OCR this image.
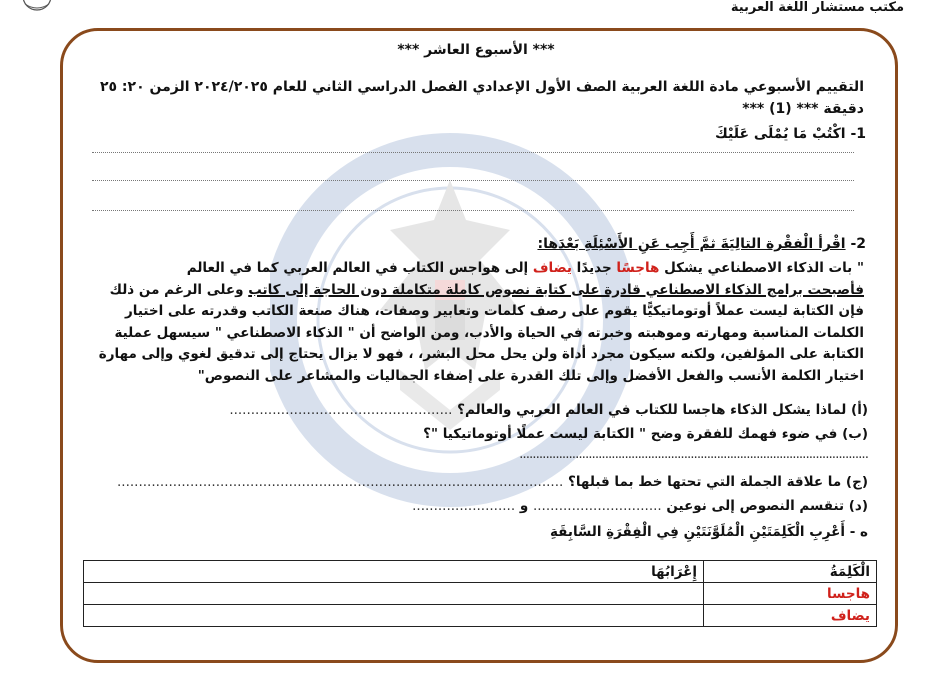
مكتب مستشار اللغة العربية
*** الأسبوع العاشر ***
التقييم الأسبوعي مادة اللغة العربية الصف الأول الإعدادي الفصل الدراسي الثاني للعام ٢٠٢٤/٢٠٢٥ الزمن ٢٠: ٢٥ دقيقة *** (1) ***
1- اكْتُبْ مَا يُمْلَى عَلَيْكَ
2- اقْرأ الْفقْرة التالِيَةَ ثمَّ أَجِب عَنِ الأَسْئِلَةِ بَعْدَها:
" بات الذكاء الاصطناعي يشكل هاجسًا جديدًا يضاف إلى هواجس الكتاب في العالم العربي كما في العالم
فأصبحت برامج الذكاء الاصطناعي قادرة على كتابة نصوص كاملة متكاملة دون الحاجة إلى كاتب وعلى الرغم من ذلك
فإن الكتابة ليست عملاً أوتوماتيكيًّا يقوم على رصف كلمات وتعابير وصفات، هناك صنعة الكاتب وقدرته على اختيار
الكلمات المناسبة ومهارته وموهبته وخبرته في الحياة والأدب، ومن الواضح أن " الذكاء الاصطناعي " سيسهل عملية
الكتابة على المؤلفين، ولكنه سيكون مجرد أداة ولن يحل محل البشر، ، فهو لا يزال يحتاج إلى تدقيق لغوي وإلى مهارة
اختيار الكلمة الأنسب والفعل الأفضل وإلى تلك القدرة على إضفاء الجماليات والمشاعر على النصوص"
(أ) لماذا يشكل الذكاء هاجسا للكتاب في العالم العربي والعالم؟ ....................................................
(ب) في ضوء فهمك للفقرة وضح " الكتابة ليست عملًا أوتوماتيكيا "؟
..........................................................................................................
(ج) ما علاقة الجملة التي تحتها خط بما قبلها؟ ........................................................................................................
(د) تنقسم النصوص إلى نوعين .............................. و ........................
ه - أَعْرِبِ الْكَلِمَتَيْنِ الْمُلَوَّنَتَيْنِ فِي الْفِقْرَةِ السَّابِقَةِ
الْكَلِمَةُ	إِعْرَابُهَا
هاجسا	
يضاف	
